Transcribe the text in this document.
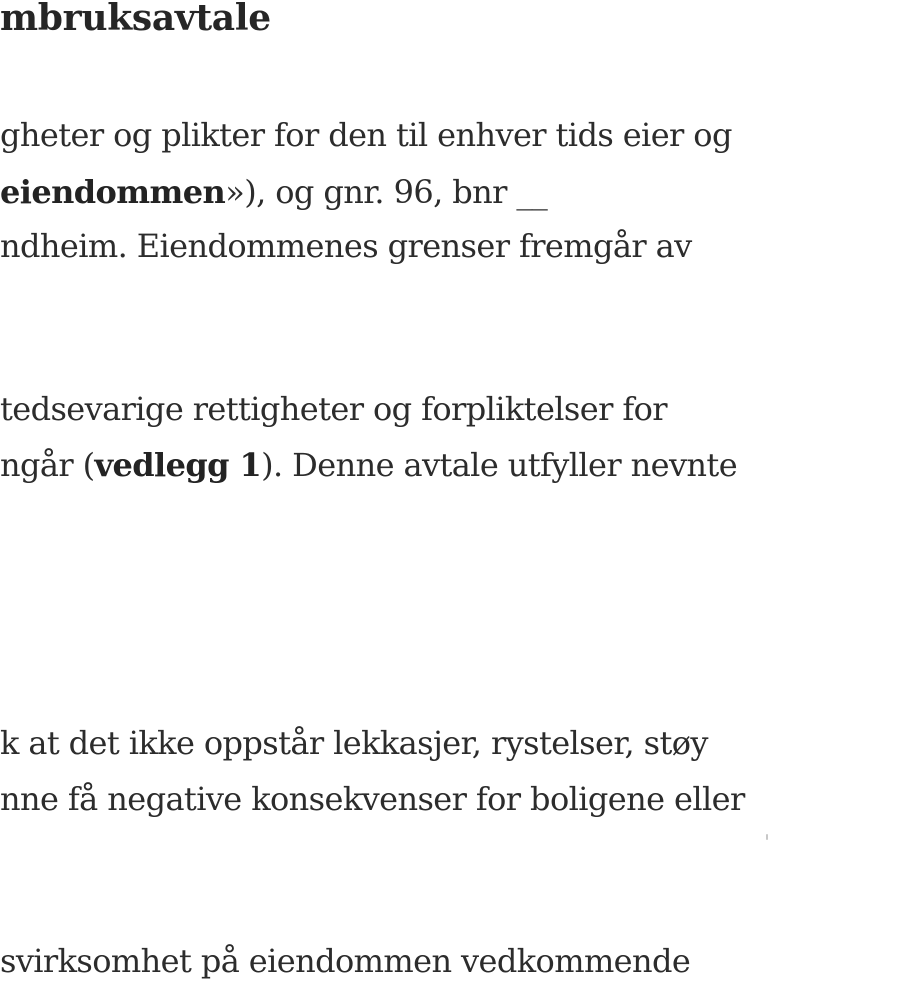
mbruksavtale

gheter og plikter for den til enhver tids eier og

eiendommen»), og gnr. 96, bnr __

ndheim. Eiendommenes grenser fremgår av

tedsevarige rettigheter og forpliktelser for

ngår (vedlegg 1). Denne avtale utfyller nevnte

k at det ikke oppstår lekkasjer, rystelser, støy

nne få negative konsekvenser for boligene eller

svirksomhet på eiendommen vedkommende
